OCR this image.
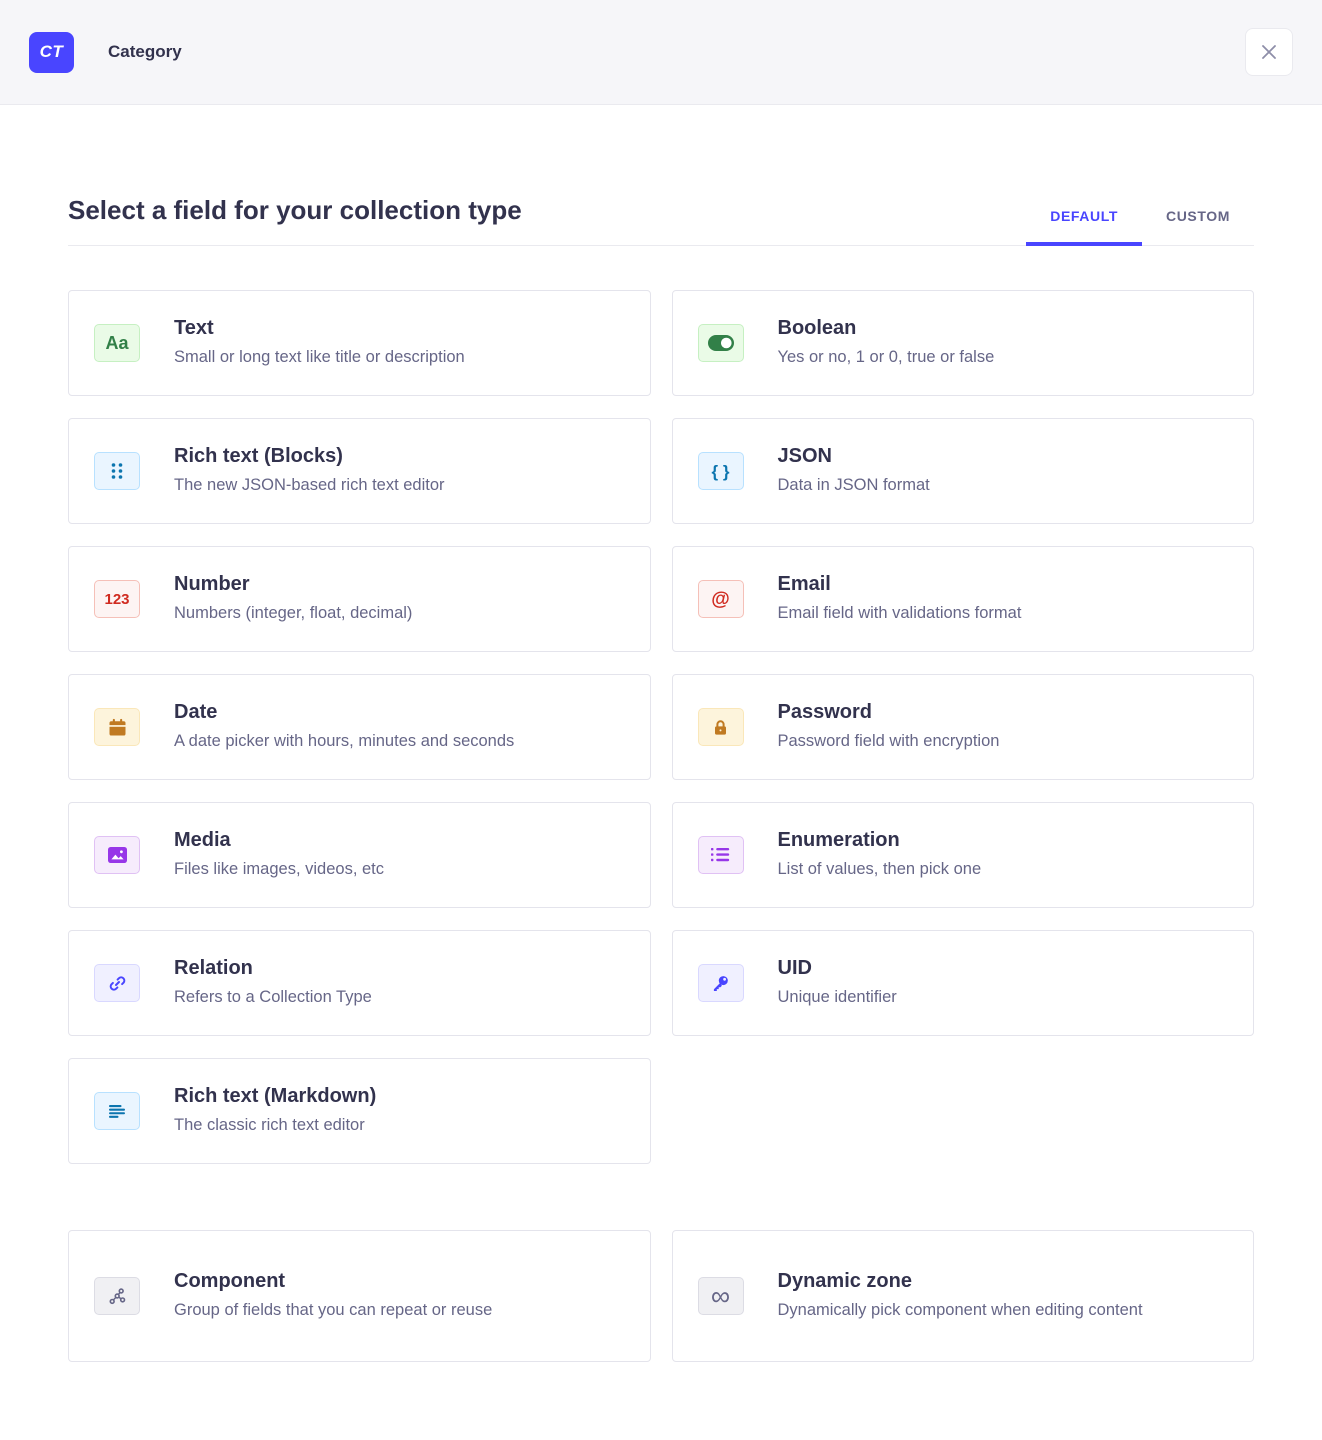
CT	Category
Select a field for your collection type	DEFAULT	CUSTOM
Aa
Text
Small or long text like title or description
Boolean
Yes or no, 1 or 0, true or false
Rich text (Blocks)
The new JSON-based rich text editor
{ }
JSON
Data in JSON format
123
Number
Numbers (integer, float, decimal)
@
Email
Email field with validations format
Date
A date picker with hours, minutes and seconds
Password
Password field with encryption
Media
Files like images, videos, etc
Enumeration
List of values, then pick one
Relation
Refers to a Collection Type
UID
Unique identifier
Rich text (Markdown)
The classic rich text editor
Component
Group of fields that you can repeat or reuse	∞ Dynamic zone
Dynamically pick component when editing content
